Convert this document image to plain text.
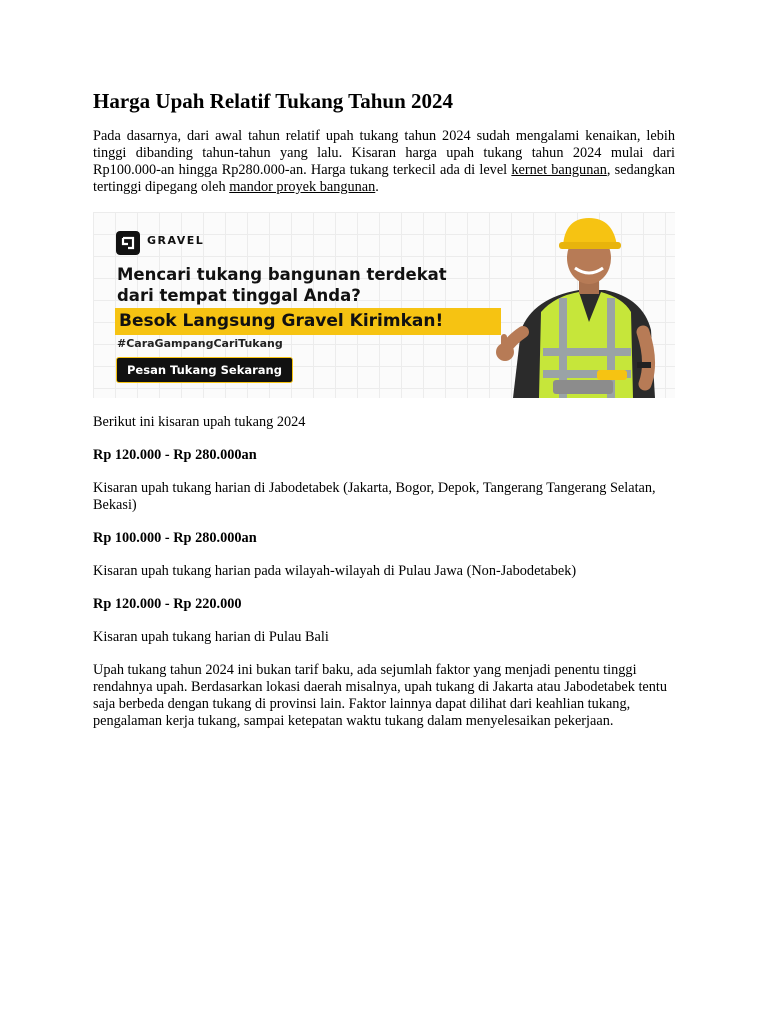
Harga Upah Relatif Tukang Tahun 2024

Pada dasarnya, dari awal tahun relatif upah tukang tahun 2024 sudah mengalami kenaikan, lebih tinggi dibanding tahun-tahun yang lalu. Kisaran harga upah tukang tahun 2024 mulai dari Rp100.000-an hingga Rp280.000-an. Harga tukang terkecil ada di level kernet bangunan, sedangkan tertinggi dipegang oleh mandor proyek bangunan.

GRAVEL
Mencari tukang bangunan terdekat
dari tempat tinggal Anda?
Besok Langsung Gravel Kirimkan!
#CaraGampangCariTukang
Pesan Tukang Sekarang

Berikut ini kisaran upah tukang 2024

Rp 120.000 - Rp 280.000an

Kisaran upah tukang harian di Jabodetabek (Jakarta, Bogor, Depok, Tangerang Tangerang Selatan, Bekasi)

Rp 100.000 - Rp 280.000an

Kisaran upah tukang harian pada wilayah-wilayah di Pulau Jawa (Non-Jabodetabek)

Rp 120.000 - Rp 220.000

Kisaran upah tukang harian di Pulau Bali

Upah tukang tahun 2024 ini bukan tarif baku, ada sejumlah faktor yang menjadi penentu tinggi rendahnya upah. Berdasarkan lokasi daerah misalnya, upah tukang di Jakarta atau Jabodetabek tentu saja berbeda dengan tukang di provinsi lain. Faktor lainnya dapat dilihat dari keahlian tukang, pengalaman kerja tukang, sampai ketepatan waktu tukang dalam menyelesaikan pekerjaan.
